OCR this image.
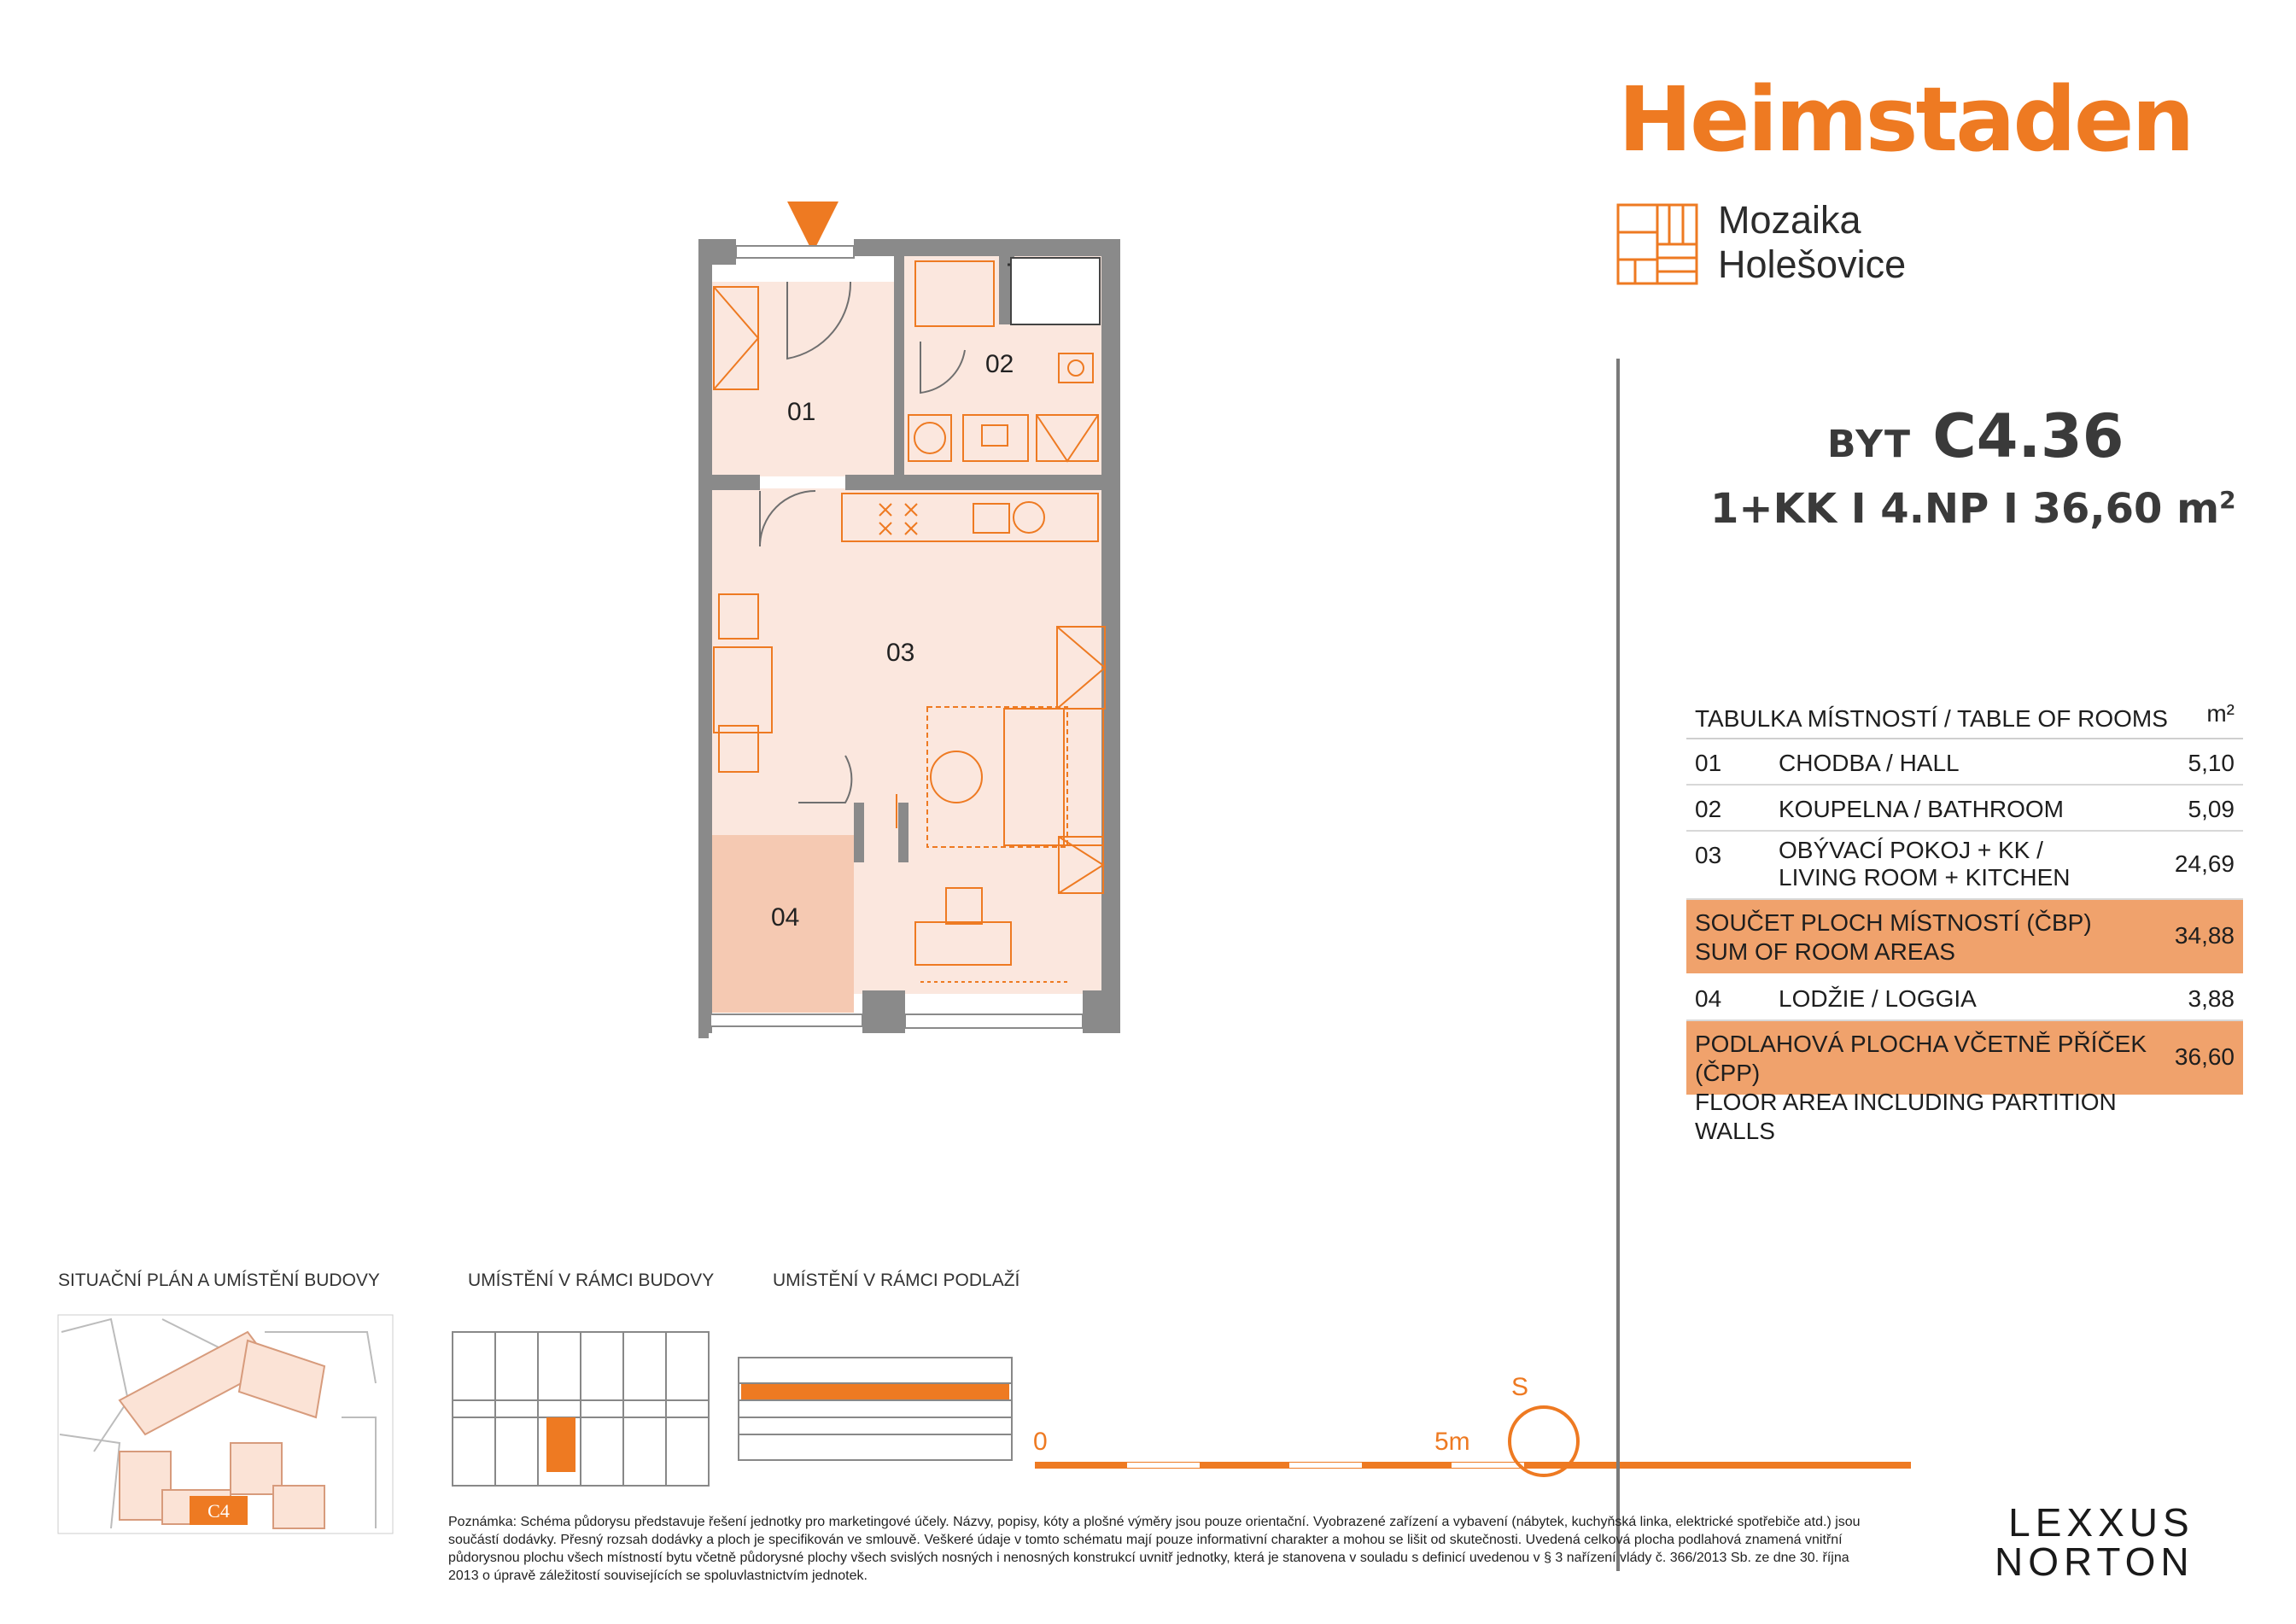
C4
01
02
03
04
Heimstaden
Mozaika
Holešovice
BYT C4.36
1+KK I 4.NP I 36,60 $m^2$
TABULKA MÍSTNOSTÍ / TABLE OF ROOMS m²
01 CHODBA / HALL	5,10
02 KOUPELNA / BATHROOM	5,09
03 OBÝVACÍ POKOJ + KK / LIVING ROOM + KITCHEN
24,69
SOUČET PLOCH MÍSTNOSTÍ (ČBP)
SUM OF ROOM AREAS
34,88
04 LODŽIE / LOGGIA	3,88
PODLAHOVÁ PLOCHA VČETNĚ PŘÍČEK (ČPP)
FLOOR AREA INCLUDING PARTITION WALLS
36,60
SITUAČNÍ PLÁN A UMÍSTĚNÍ BUDOVY	UMÍSTĚNÍ V RÁMCI BUDOVY	UMÍSTĚNÍ V RÁMCI PODLAŽÍ
0	5m
S
Poznámka: Schéma půdorysu představuje řešení jednotky pro marketingové účely. Názvy, popisy, kóty a plošné výměry jsou pouze orientační. Vyobrazené zařízení a vybavení (nábytek, kuchyňská linka, elektrické spotřebiče atd.) jsou součástí dodávky. Přesný rozsah dodávky a ploch je specifikován ve smlouvě. Veškeré údaje v tomto schématu mají pouze informativní charakter a mohou se lišit od skutečnosti. Uvedená celková plocha podlahová znamená vnitřní půdorysnou plochu všech místností bytu včetně půdorysné plochy všech svislých nosných i nenosných konstrukcí uvnitř jednotky, která je stanovena v souladu s definicí uvedenou v § 3 nařízení vlády č. 366/2013 Sb. ze dne 30. října 2013 o úpravě záležitostí souvisejících se spoluvlastnictvím jednotek.
LEXXUS
NORTON
